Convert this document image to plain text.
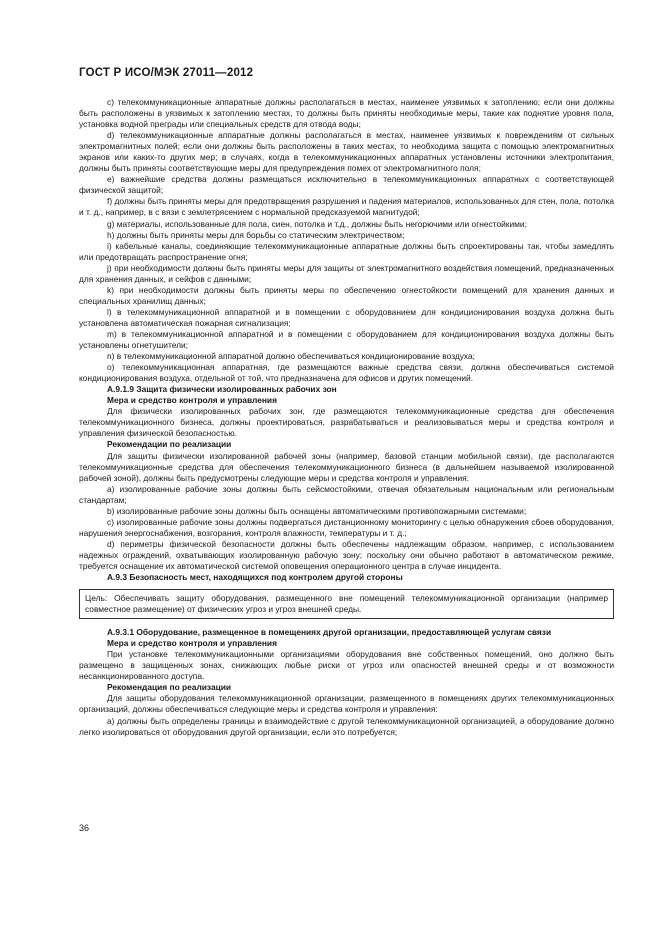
ГОСТ Р ИСО/МЭК 27011—2012

c) телекоммуникационные аппаратные должны располагаться в местах, наименее уязвимых к затоплению; если они должны быть расположены в уязвимых к затоплению местах, то должны быть приняты необходимые меры, такие как поднятие уровня пола, установка водной преграды или специальных средств для отвода воды;

d) телекоммуникационные аппаратные должны располагаться в местах, наименее уязвимых к повреждениям от сильных электромагнитных полей; если они должны быть расположены в таких местах, то необходима защита с помощью электромагнитных экранов или каких-то других мер; в случаях, когда в телекоммуникационных аппаратных установлены источники электропитания, должны быть приняты соответствующие меры для предупреждения помех от электромагнитного поля;

e) важнейшие средства должны размещаться исключительно в телекоммуникационных аппаратных с соответствующей физической защитой;

f) должны быть приняты меры для предотвращения разрушения и падения материалов, использованных для стен, пола, потолка и т. д., например, в с вязи с землетрясением с нормальной предсказуемой магнитудой;

g) материалы, использованные для пола, сиен, потолка и т.д., должны быть негорючими или огнестойкими;

h) должны быть приняты меры для борьбы со статическим электричеством;

i) кабельные каналы, соединяющие телекоммуникационные аппаратные должны быть спроектированы так, чтобы замедлять или предотвращать распространение огня;

j) при необходимости должны быть приняты меры для защиты от электромагнитного воздействия помещений, предназначенных для хранения данных, и сейфов с данными;

k) при необходимости должны быть приняты меры по обеспечению огнестойкости помещений для хранения данных и специальных хранилищ данных;

l) в телекоммуникационной аппаратной и в помещении с оборудованием для кондиционирования воздуха должна быть установлена автоматическая пожарная сигнализация;

m) в телекоммуникационной аппаратной и в помещении с оборудованием для кондиционирования воздуха должны быть установлены огнетушители;

n) в телекоммуникационной аппаратной должно обеспечиваться кондиционирование воздуха;

o) телекоммуникационная аппаратная, где размещаются важные средства связи, должна обеспечиваться системой кондиционирования воздуха, отдельной от той, что предназначена для офисов и других помещений.

А.9.1.9 Защита физически изолированных рабочих зон

Мера и средство контроля и управления

Для физически изолированных рабочих зон, где размещаются телекоммуникационные средства для обеспечения телекоммуникационного бизнеса, должны проектироваться, разрабатываться и реализовываться меры и средства контроля и управления физической безопасностью.

Рекомендации по реализации

Для защиты физически изолированной рабочей зоны (например, базовой станции мобильной связи), где располагаются телекоммуникационные средства для обеспечения телекоммуникационного бизнеса (в дальнейшем называемой изолированной рабочей зоной), должны быть предусмотрены следующие меры и средства контроля и управления:

a) изолированные рабочие зоны должны быть сейсмостойкими, отвечая обязательным национальным или региональным стандартам;

b) изолированные рабочие зоны должны быть оснащены автоматическими противопожарными системами;

c) изолированные рабочие зоны должны подвергаться дистанционному мониторингу с целью обнаружения сбоев оборудования, нарушения энергоснабжения, возгорания, контроля влажности, температуры и т. д.;

d) периметры физической безопасности должны быть обеспечены надлежащим образом, например, с использованием надежных ограждений, охватывающих изолированную рабочую зону; поскольку они обычно работают в автоматическом режиме, требуется оснащение их автоматической системой оповещения операционного центра в случае инцидента.

А.9.3 Безопасность мест, находящихся под контролем другой стороны

Цель: Обеспечивать защиту оборудования, размещенного вне помещений телекоммуникационной организации (например совместное размещение) от физических угроз и угроз внешней среды.

А.9.3.1 Оборудование, размещенное в помещениях другой организации, предоставляющей услугам связи

Мера и средство контроля и управления

При установке телекоммуникационными организациями оборудования вне собственных помещений, оно должно быть размещено в защищенных зонах, снижающих любые риски от угроз или опасностей внешней среды и от возможности несанкционированного доступа.

Рекомендация по реализации

Для защиты оборудования телекоммуникационной организации, размещенного в помещениях других телекоммуникационных организаций, должны обеспечиваться следующие меры и средства контроля и управления:

a) должны быть определены границы и взаимодействие с другой телекоммуникационной организацией, а оборудование должно легко изолироваться от оборудования другой организации, если это потребуется;

36
